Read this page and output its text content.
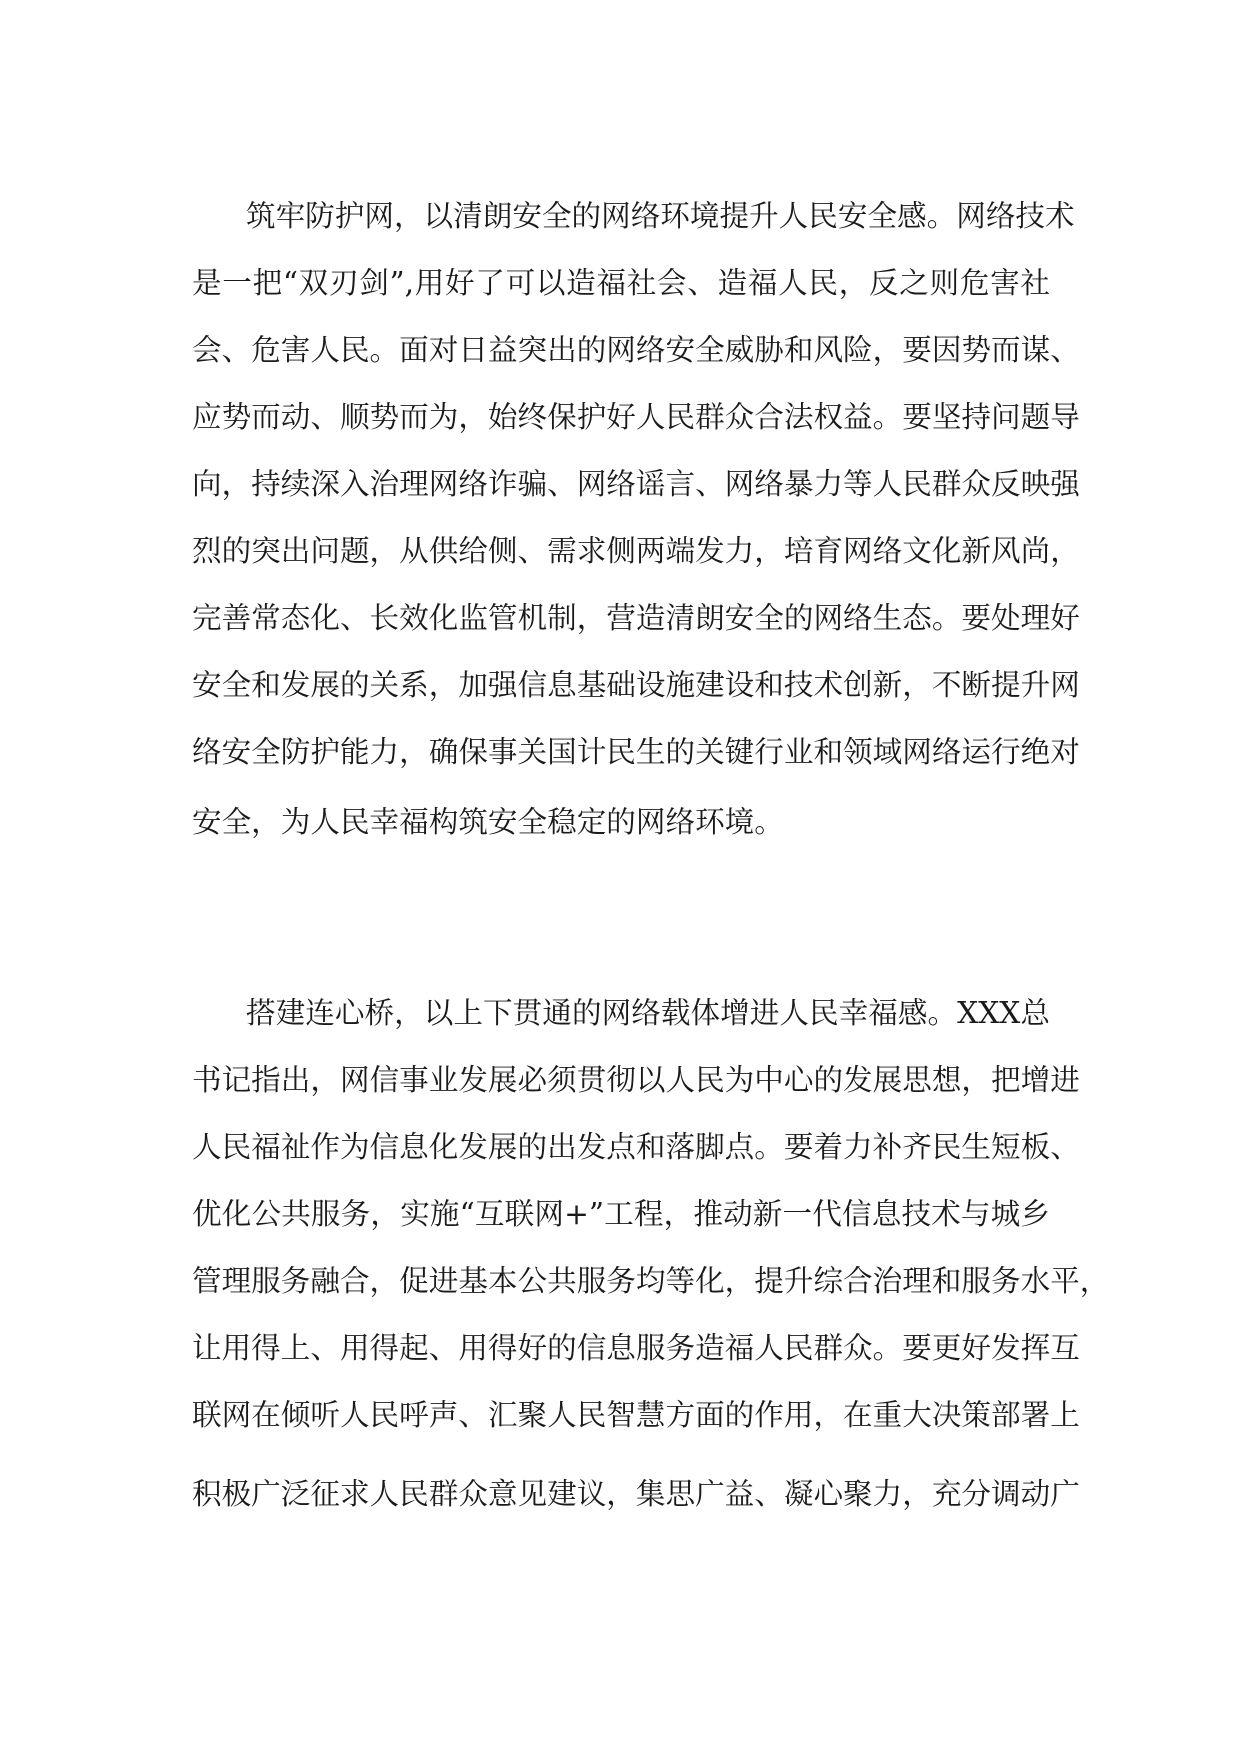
筑牢防护网，以清朗安全的网络环境提升人民安全感。网络技术

是一把“双刃剑”,用好了可以造福社会、造福人民，反之则危害社

会、危害人民。面对日益突出的网络安全威胁和风险，要因势而谋、

应势而动、顺势而为，始终保护好人民群众合法权益。要坚持问题导

向，持续深入治理网络诈骗、网络谣言、网络暴力等人民群众反映强

烈的突出问题，从供给侧、需求侧两端发力，培育网络文化新风尚，

完善常态化、长效化监管机制，营造清朗安全的网络生态。要处理好

安全和发展的关系，加强信息基础设施建设和技术创新，不断提升网

络安全防护能力，确保事关国计民生的关键行业和领域网络运行绝对

安全，为人民幸福构筑安全稳定的网络环境。

搭建连心桥，以上下贯通的网络载体增进人民幸福感。XXX总

书记指出，网信事业发展必须贯彻以人民为中心的发展思想，把增进

人民福祉作为信息化发展的出发点和落脚点。要着力补齐民生短板、

优化公共服务，实施“互联网+”工程，推动新一代信息技术与城乡

管理服务融合，促进基本公共服务均等化，提升综合治理和服务水平，

让用得上、用得起、用得好的信息服务造福人民群众。要更好发挥互

联网在倾听人民呼声、汇聚人民智慧方面的作用，在重大决策部署上

积极广泛征求人民群众意见建议，集思广益、凝心聚力，充分调动广
